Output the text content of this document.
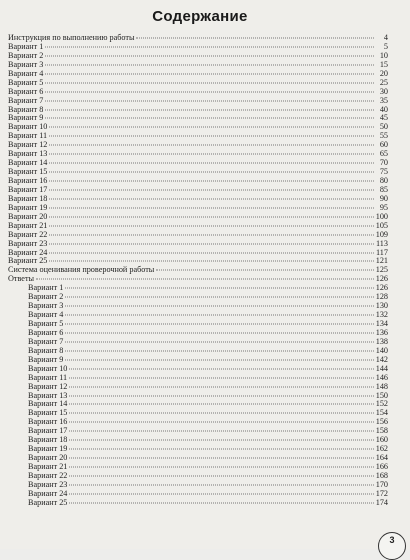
Содержание
Инструкция по выполнению работы	4
Вариант 1	5
Вариант 2	10
Вариант 3	15
Вариант 4	20
Вариант 5	25
Вариант 6	30
Вариант 7	35
Вариант 8	40
Вариант 9	45
Вариант 10	50
Вариант 11	55
Вариант 12	60
Вариант 13	65
Вариант 14	70
Вариант 15	75
Вариант 16	80
Вариант 17	85
Вариант 18	90
Вариант 19	95
Вариант 20	100
Вариант 21	105
Вариант 22	109
Вариант 23	113
Вариант 24	117
Вариант 25	121
Система оценивания проверочной работы	125
Ответы	126
Вариант 1	126
Вариант 2	128
Вариант 3	130
Вариант 4	132
Вариант 5	134
Вариант 6	136
Вариант 7	138
Вариант 8	140
Вариант 9	142
Вариант 10	144
Вариант 11	146
Вариант 12	148
Вариант 13	150
Вариант 14	152
Вариант 15	154
Вариант 16	156
Вариант 17	158
Вариант 18	160
Вариант 19	162
Вариант 20	164
Вариант 21	166
Вариант 22	168
Вариант 23	170
Вариант 24	172
Вариант 25	174
3
